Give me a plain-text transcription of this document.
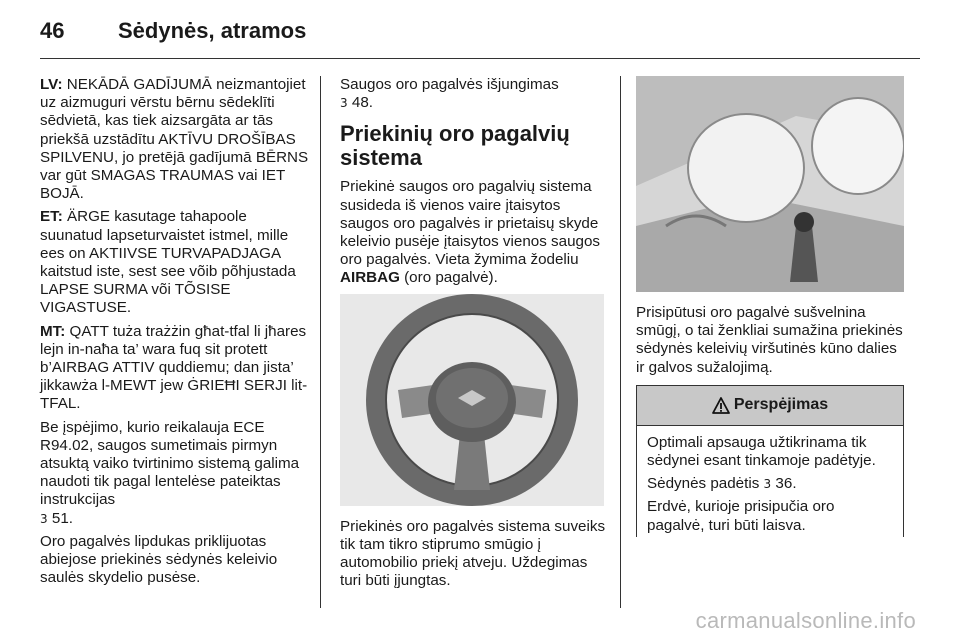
46 Sėdynės, atramos

LV: NEKĀDĀ GADĪJUMĀ neizmantojiet uz aizmuguri vērstu bērnu sēdeklīti sēdvietā, kas tiek aizsargāta ar tās priekšā uzstādītu AKTĪVU DROŠĪBAS SPILVENU, jo pretējā gadījumā BĒRNS var gūt SMAGAS TRAUMAS vai IET BOJĀ.

ET: ÄRGE kasutage tahapoole suunatud lapseturvaistet istmel, mille ees on AKTIIVSE TURVAPADJAGA kaitstud iste, sest see võib põhjustada LAPSE SURMA või TÕSISE VIGASTUSE.

MT: QATT tuża trażżin għat-tfal li jħares lejn in-naħa ta’ wara fuq sit protett b’AIRBAG ATTIV quddiemu; dan jista’ jikkawża l-MEWT jew ĠRIEĦI SERJI lit-TFAL.

Be įspėjimo, kurio reikalauja ECE R94.02, saugos sumetimais pirmyn atsuktą vaiko tvirtinimo sistemą galima naudoti tik pagal lentelėse pateiktas instrukcijas
3 51.

Oro pagalvės lipdukas priklijuotas abiejose priekinės sėdynės keleivio saulės skydelio pusėse.

Saugos oro pagalvės išjungimas
3 48.

Priekinių oro pagalvių sistema

Priekinė saugos oro pagalvių sistema susideda iš vienos vaire įtaisytos saugos oro pagalvės ir prietaisų skyde keleivio pusėje įtaisytos vienos saugos oro pagalvės. Vieta žymima žodeliu AIRBAG (oro pagalvė).

Priekinės oro pagalvės sistema suveiks tik tam tikro stiprumo smūgio į automobilio priekį atveju. Uždegimas turi būti įjungtas.

Prisipūtusi oro pagalvė sušvelnina smūgį, o tai ženkliai sumažina priekinės sėdynės keleivių viršutinės kūno dalies ir galvos sužalojimą.

Perspėjimas

Optimali apsauga užtikrinama tik sėdynei esant tinkamoje padėtyje.

Sėdynės padėtis 3 36.

Erdvė, kurioje prisipučia oro pagalvė, turi būti laisva.

carmanualsonline.info
